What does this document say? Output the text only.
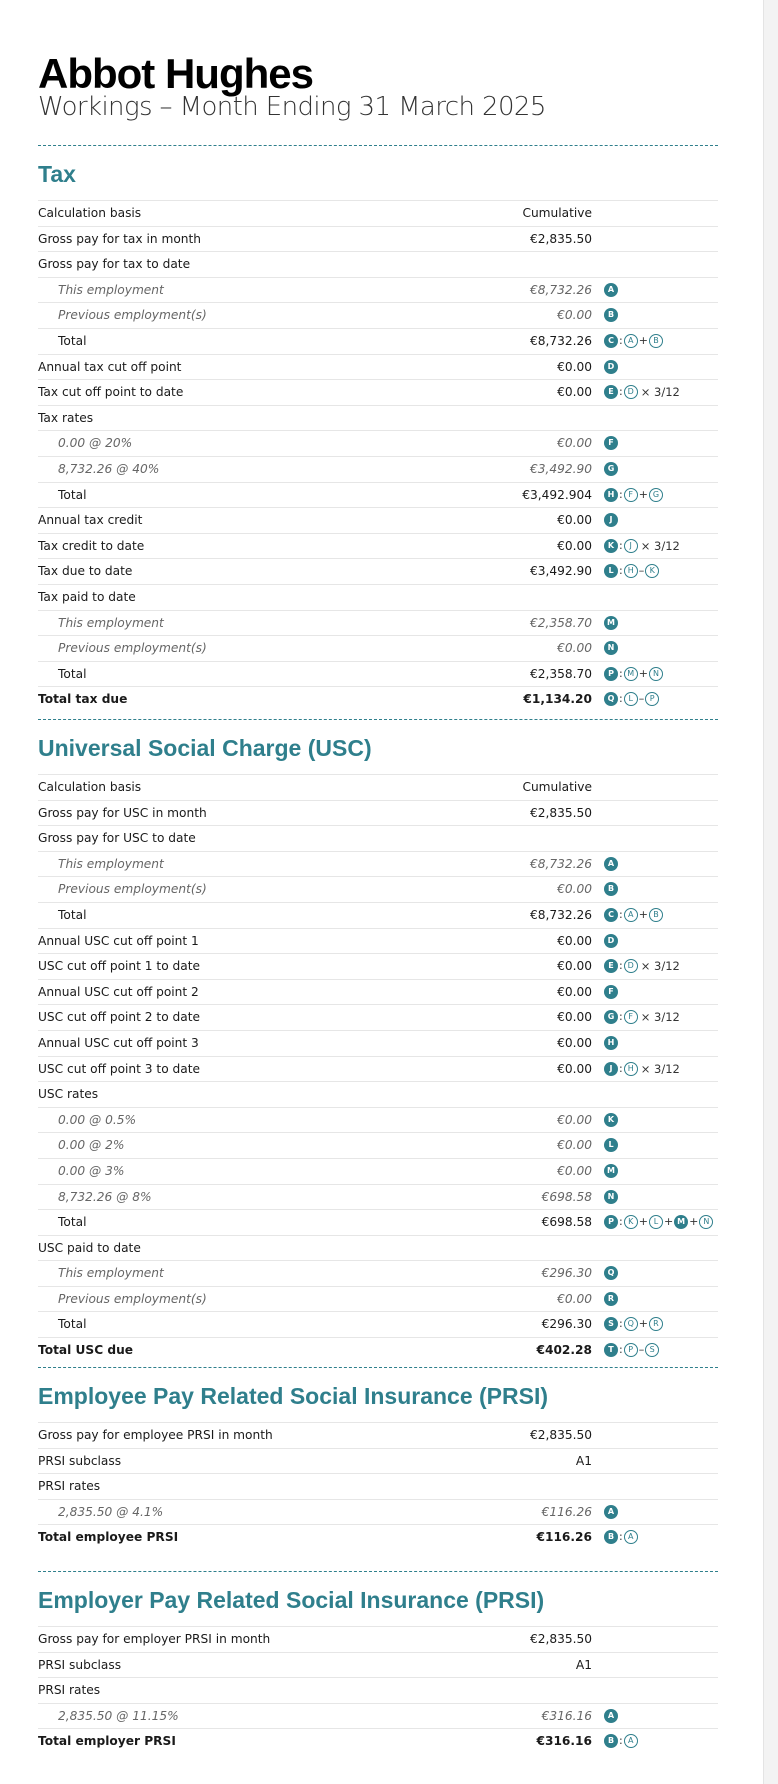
Abbot Hughes
Workings – Month Ending 31 March 2025
Tax
Calculation basis	Cumulative
Gross pay for tax in month	€2,835.50
Gross pay for tax to date
This employment	€8,732.26	A
Previous employment(s)	€0.00	B
Total	€8,732.26	C : A + B
Annual tax cut off point	€0.00	D
Tax cut off point to date	€0.00	E : D × 3/12
Tax rates
0.00 @ 20%	€0.00	F
8,732.26 @ 40%	€3,492.90	G
Total	€3,492.904	H : F + G
Annual tax credit	€0.00	J
Tax credit to date	€0.00	K : J × 3/12
Tax due to date	€3,492.90	L : H – K
Tax paid to date
This employment	€2,358.70	M
Previous employment(s)	€0.00	N
Total	€2,358.70	P : M + N
Total tax due	€1,134.20	Q : L – P
Universal Social Charge (USC)
Calculation basis	Cumulative
Gross pay for USC in month	€2,835.50
Gross pay for USC to date
This employment	€8,732.26	A
Previous employment(s)	€0.00	B
Total	€8,732.26	C : A + B
Annual USC cut off point 1	€0.00	D
USC cut off point 1 to date	€0.00	E : D × 3/12
Annual USC cut off point 2	€0.00	F
USC cut off point 2 to date	€0.00	G : F × 3/12
Annual USC cut off point 3	€0.00	H
USC cut off point 3 to date	€0.00	J : H × 3/12
USC rates
0.00 @ 0.5%	€0.00	K
0.00 @ 2%	€0.00	L
0.00 @ 3%	€0.00	M
8,732.26 @ 8%	€698.58	N
Total	€698.58	P : K + L + M + N
USC paid to date
This employment	€296.30	Q
Previous employment(s)	€0.00	R
Total	€296.30	S : Q + R
Total USC due	€402.28	T : P – S
Employee Pay Related Social Insurance (PRSI)
Gross pay for employee PRSI in month	€2,835.50
PRSI subclass	A1
PRSI rates
2,835.50 @ 4.1%	€116.26	A
Total employee PRSI	€116.26	B : A
Employer Pay Related Social Insurance (PRSI)
Gross pay for employer PRSI in month	€2,835.50
PRSI subclass	A1
PRSI rates
2,835.50 @ 11.15%	€316.16	A
Total employer PRSI	€316.16	B : A
